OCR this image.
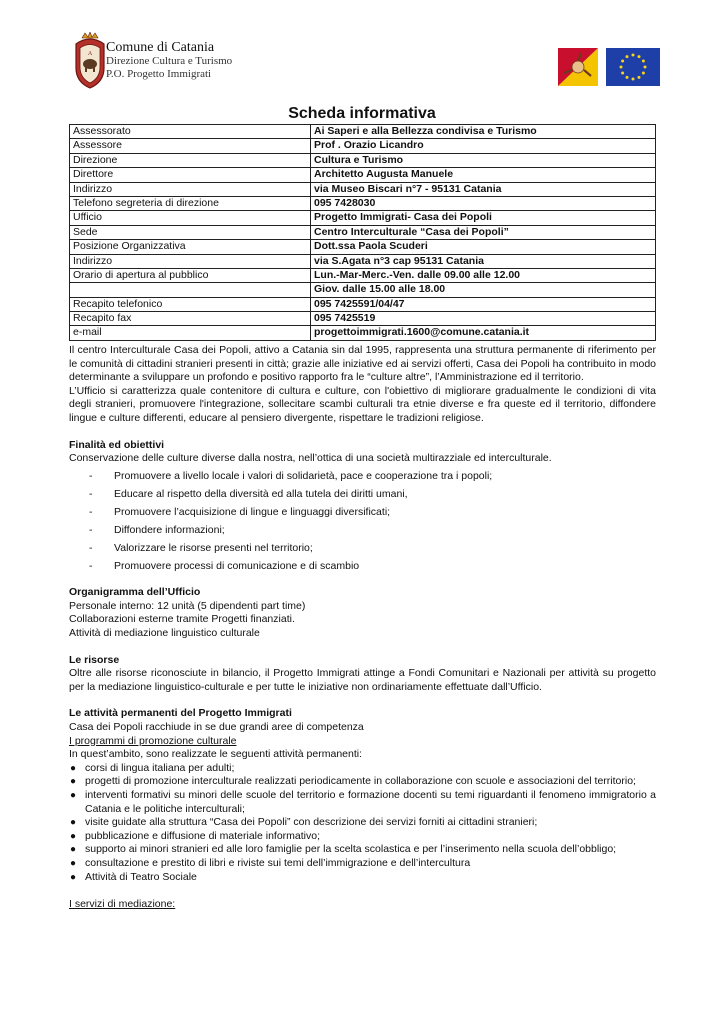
A Comune di Catania
Direzione Cultura e Turismo
P.O. Progetto Immigrati
Scheda informativa
Assessorato	Ai Saperi e alla Bellezza condivisa e Turismo
Assessore	Prof . Orazio Licandro
Direzione	Cultura e Turismo
Direttore	Architetto Augusta Manuele
Indirizzo	via Museo Biscari n°7 - 95131 Catania
Telefono segreteria di direzione	095 7428030
Ufficio	Progetto Immigrati- Casa dei Popoli
Sede	Centro Interculturale “Casa dei Popoli”
Posizione Organizzativa	Dott.ssa Paola Scuderi
Indirizzo	via S.Agata n°3 cap 95131 Catania
Orario di apertura al pubblico	Lun.-Mar-Merc.-Ven. dalle 09.00 alle 12.00
	Giov. dalle 15.00 alle 18.00
Recapito telefonico	095 7425591/04/47
Recapito fax	095 7425519
e-mail	progettoimmigrati.1600@comune.catania.it

Il centro Interculturale Casa dei Popoli, attivo a Catania sin dal 1995, rappresenta una struttura permanente di riferimento per le comunità di cittadini stranieri presenti in città; grazie alle iniziative ed ai servizi offerti, Casa dei Popoli ha contribuito in modo determinante a sviluppare un profondo e positivo rapporto fra le “culture altre”, l’Amministrazione ed il territorio.

L’Ufficio si caratterizza quale contenitore di cultura e culture, con l'obiettivo di migliorare gradualmente le condizioni di vita degli stranieri, promuovere l'integrazione, sollecitare scambi culturali tra etnie diverse e fra queste ed il territorio, diffondere lingue e culture differenti, educare al pensiero divergente, rispettare le tradizioni religiose.

Finalità ed obiettivi

Conservazione delle culture diverse dalla nostra, nell’ottica di una società multirazziale ed interculturale.

- Promuovere a livello locale i valori di solidarietà, pace e cooperazione tra i popoli;
- Educare al rispetto della diversità ed alla tutela dei diritti umani,
- Promuovere l’acquisizione di lingue e linguaggi diversificati;
- Diffondere informazioni;
- Valorizzare le risorse presenti nel territorio;
- Promuovere processi di comunicazione e di scambio

Organigramma dell’Ufficio

Personale interno: 12 unità (5 dipendenti part time)

Collaborazioni esterne tramite Progetti finanziati.

Attività di mediazione linguistico culturale

Le risorse

Oltre alle risorse riconosciute in bilancio, il Progetto Immigrati attinge a Fondi Comunitari e Nazionali per attività su progetto per la mediazione linguistico-culturale e per tutte le iniziative non ordinariamente effettuate dall’Ufficio.

Le attività permanenti del Progetto Immigrati

Casa dei Popoli racchiude in se due grandi aree di competenza

I programmi di promozione culturale

In quest’ambito, sono realizzate le seguenti attività permanenti:

● corsi di lingua italiana per adulti;
● progetti di promozione interculturale realizzati periodicamente in collaborazione con scuole e associazioni del territorio;
● interventi formativi su minori delle scuole del territorio e formazione docenti su temi riguardanti il fenomeno immigratorio a Catania e le politiche interculturali;
● visite guidate alla struttura “Casa dei Popoli” con descrizione dei servizi forniti ai cittadini stranieri;
● pubblicazione e diffusione di materiale informativo;
● supporto ai minori stranieri ed alle loro famiglie per la scelta scolastica e per l’inserimento nella scuola dell’obbligo;
● consultazione e prestito di libri e riviste sui temi dell’immigrazione e dell’intercultura
● Attività di Teatro Sociale

I servizi di mediazione:
